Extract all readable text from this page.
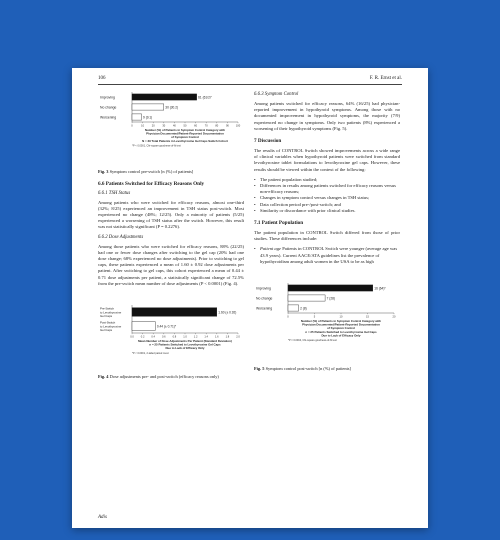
106	F. R. Ernst et al.
Improving	61 (61/27
No change	30 (30.2)
Worsening	9 (9.1)
0	10	20	30	40	50	60	70	80	90	100
Number (%) of Patients in Symptom Control Category with
Physician Documented/Patient-Reported Documentation
of Symptom Control
N = 39 Total Patients in Levothyroxine Gel Caps Switch Cohort
*P < 0.0001, Chi-square goodness-of-fit test
Fig. 3 Symptom control pre-switch [n (%) of patients]
6.6 Patients Switched for Efficacy Reasons Only
6.6.1 TSH Status
Among patients who were switched for efficacy reasons, almost one-third (32%; 8/25) experienced an improvement in TSH status post-switch. Most experienced no change (48%; 12/25). Only a minority of patients (5/25) experienced a worsening of TSH status after the switch. However, this result was not statistically significant (P = 0.2276).
6.6.2 Dose Adjustments
Among those patients who were switched for efficacy reasons, 88% (22/25) had one or fewer dose changes after switching to the gel cap (20% had one dose change; 68% experienced no dose adjustments). Prior to switching to gel caps, these patients experienced a mean of 1.60 ± 0.92 dose adjustments per patient. After switching to gel caps, this cohort experienced a mean of 0.44 ± 0.71 dose adjustments per patient, a statistically significant change of 72.5% from the pre-switch mean number of dose adjustments (P < 0.0001) (Fig. 4).
Pre-Switch
to Levothyroxine
Gel Caps
1.60 (± 0.92)
Post-Switch
to Levothyroxine
Gel Caps
0.44 (± 0.71)*
0.0	0.2	0.4	0.6	0.8	1.0	1.2	1.4	1.6	1.8	2.0
Mean Number of Dose Adjustments Per Patient (Standard Deviation)
n = 25 Patients Switched to Levothyroxine Gel Caps
Due to Lack of Efficacy Only
*P < 0.0001, 2-tailed paired t-test
Fig. 4 Dose adjustments pre- and post-switch (efficacy reasons only)
6.6.3 Symptom Control
Among patients switched for efficacy reasons, 64% (16/25) had physician-reported improvement in hypothyroid symptoms. Among those with no documented improvement in hypothyroid symptoms, the majority (7/9) experienced no change in symptoms. Only two patients (8%) experienced a worsening of their hypothyroid symptoms (Fig. 5).
7 Discussion
The results of CONTROL Switch showed improvements across a wide range of clinical variables when hypothyroid patients were switched from standard levothyroxine tablet formulations to levothyroxine gel caps. However, these results should be viewed within the context of the following:
• The patient population studied;
• Differences in results among patients switched for efficacy reasons versus non-efficacy reasons;
• Changes in symptom control versus changes in TSH status;
• Data collection period pre-/post-switch; and
• Similarity or discordance with prior clinical studies.
7.1 Patient Population
The patient population in CONTROL Switch differed from those of prior studies. These differences include:
• Patient age Patients in CONTROL Switch were younger (average age was 43.9 years). Current AACE/ATA guidelines list the prevalence of hypothyroidism among adult women in the USA to be as high
Improving	16 (64)*
No change	7 (28)
Worsening	2 (8)
0	5	10	15	20
Number (%) of Patients in Symptom Control Category with
Physician Documented/Patient-Reported Documentation
of Symptom Control
n = 25 Patients Switched to Levothyroxine Gel Caps
Due to Lack of Efficacy Only
*P = 0.0004, Chi-square goodness-of-fit test
Fig. 5 Symptom control post-switch [n (%) of patients]
Adis
